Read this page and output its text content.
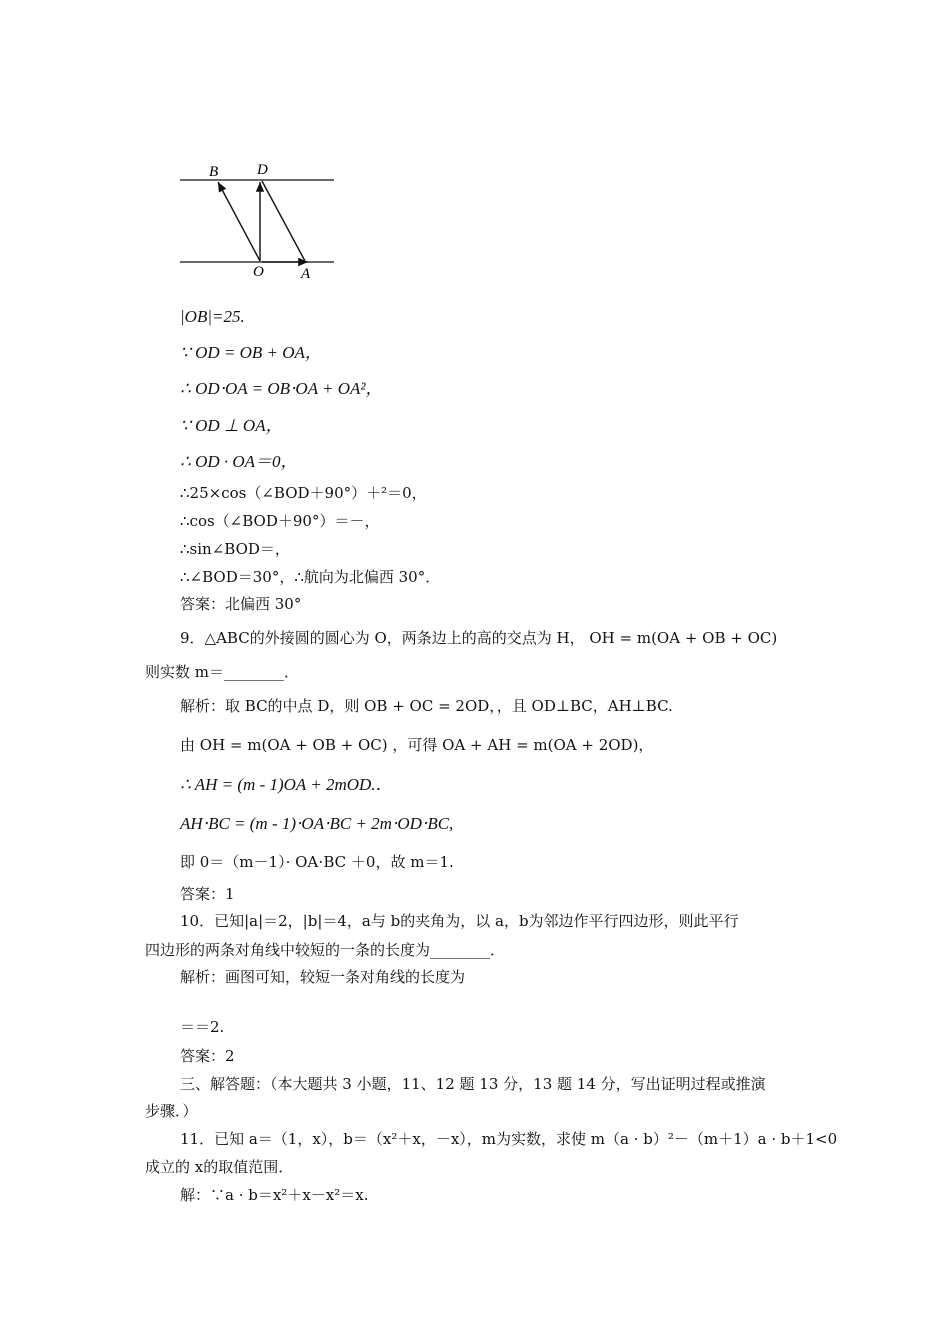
B	D
O A
|OB|=25.
∵ OD = OB + OA，
∴ OD⋅OA = OB⋅OA + OA²，
∵ OD ⊥ OA，
∴ OD · OA＝0，
∴25×cos（∠BOD＋90°）＋²＝0，
∴cos（∠BOD＋90°）＝－，
∴sin∠BOD＝，
∴∠BOD＝30°，∴航向为北偏西 30°．
答案：北偏西 30°
9．△ABC的外接圆的圆心为 O，两条边上的高的交点为 H， OH = m(OA + OB + OC)
则实数 m＝________．
解析：取 BC的中点 D，则 OB + OC = 2OD，，且 OD⊥BC，AH⊥BC.
由 OH = m(OA + OB + OC) ，可得 OA + AH = m(OA + 2OD)，
∴ AH = (m - 1)OA + 2mOD.．
AH⋅BC = (m - 1)⋅OA⋅BC + 2m⋅OD⋅BC,
即 0＝（m－1）· OA⋅BC ＋0，故 m＝1.
答案：1
10．已知|a|＝2，|b|＝4，a与 b的夹角为，以 a，b为邻边作平行四边形，则此平行
四边形的两条对角线中较短的一条的长度为________．
解析：画图可知，较短一条对角线的长度为
＝＝2.
答案：2
三、解答题：（本大题共 3 小题，11、12 题 13 分，13 题 14 分，写出证明过程或推演
步骤．）
11．已知 a＝（1，x），b＝（x²＋x，－x），m为实数，求使 m（a · b）²－（m＋1）a · b＋1<0
成立的 x的取值范围．
解：∵a · b＝x²＋x－x²＝x.
